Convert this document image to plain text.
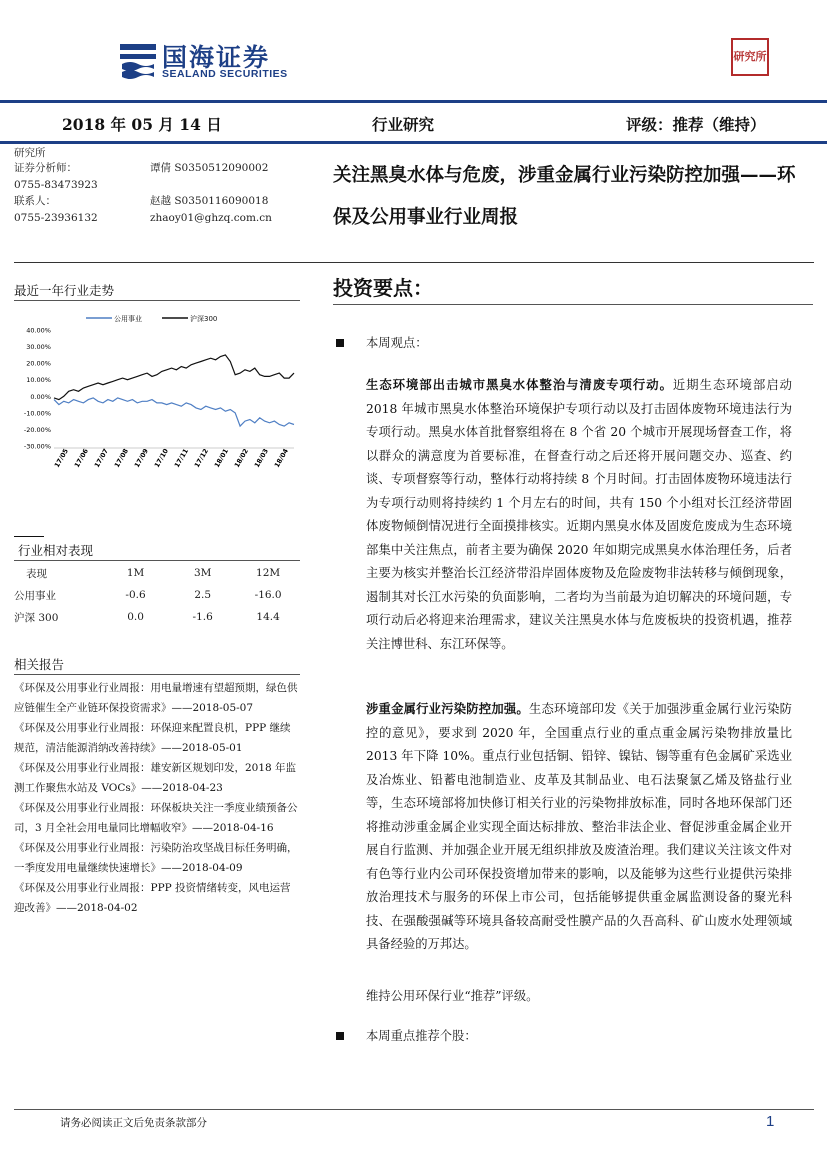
国海证券
SEALAND SECURITIES
研究所
2018 年 05 月 14 日	行业研究	评级：推荐（维持）
研究所
证券分析师：	谭倩 S0350512090002
0755-83473923
联系人：	赵越 S0350116090018
0755-23936132	zhaoy01@ghzq.com.cn
关注黑臭水体与危废，涉重金属行业污染防控加强——环保及公用事业行业周报
最近一年行业走势
公用事业	沪深300
40.00%
30.00%
20.00%
10.00%
0.00%
-10.00%
-20.00%
-30.00%
17/05 17/06 17/07 17/08 17/09 17/10 17/11 17/12 18/01 18/02 18/03 18/04
行业相对表现
表现	1M	3M	12M
公用事业	-0.6	2.5	-16.0
沪深 300	0.0	-1.6	14.4
相关报告
《环保及公用事业行业周报：用电量增速有望超预期，绿色供应链催生全产业链环保投资需求》——2018-05-07
《环保及公用事业行业周报：环保迎来配置良机，PPP 继续规范，清洁能源消纳改善持续》——2018-05-01
《环保及公用事业行业周报：雄安新区规划印发，2018 年监测工作聚焦水站及 VOCs》——2018-04-23
《环保及公用事业行业周报：环保板块关注一季度业绩预备公司，3 月全社会用电量同比增幅收窄》——2018-04-16
《环保及公用事业行业周报：污染防治攻坚战目标任务明确，一季度发用电量继续快速增长》——2018-04-09
《环保及公用事业行业周报：PPP 投资情绪转变，风电运营迎改善》——2018-04-02
投资要点：
本周观点：
生态环境部出击城市黑臭水体整治与清废专项行动。近期生态环境部启动 2018 年城市黑臭水体整治环境保护专项行动以及打击固体废物环境违法行为专项行动。黑臭水体首批督察组将在 8 个省 20 个城市开展现场督查工作，将以群众的满意度为首要标准，在督查行动之后还将开展问题交办、巡查、约谈、专项督察等行动，整体行动将持续 8 个月时间。打击固体废物环境违法行为专项行动则将持续约 1 个月左右的时间，共有 150 个小组对长江经济带固体废物倾倒情况进行全面摸排核实。近期内黑臭水体及固废危废成为生态环境部集中关注焦点，前者主要为确保 2020 年如期完成黑臭水体治理任务，后者主要为核实并整治长江经济带沿岸固体废物及危险废物非法转移与倾倒现象，遏制其对长江水污染的负面影响，二者均为当前最为迫切解决的环境问题，专项行动后必将迎来治理需求，建议关注黑臭水体与危废板块的投资机遇，推荐关注博世科、东江环保等。
涉重金属行业污染防控加强。生态环境部印发《关于加强涉重金属行业污染防控的意见》，要求到 2020 年，全国重点行业的重点重金属污染物排放量比 2013 年下降 10%。重点行业包括铜、铅锌、镍钴、锡等重有色金属矿采选业及冶炼业、铅蓄电池制造业、皮革及其制品业、电石法聚氯乙烯及铬盐行业等，生态环境部将加快修订相关行业的污染物排放标准，同时各地环保部门还将推动涉重金属企业实现全面达标排放、整治非法企业、督促涉重金属企业开展自行监测、并加强企业开展无组织排放及废渣治理。我们建议关注该文件对有色等行业内公司环保投资增加带来的影响，以及能够为这些行业提供污染排放治理技术与服务的环保上市公司，包括能够提供重金属监测设备的聚光科技、在强酸强碱等环境具备较高耐受性膜产品的久吾高科、矿山废水处理领域具备经验的万邦达。
维持公用环保行业“推荐”评级。
本周重点推荐个股：
请务必阅读正文后免责条款部分	1
